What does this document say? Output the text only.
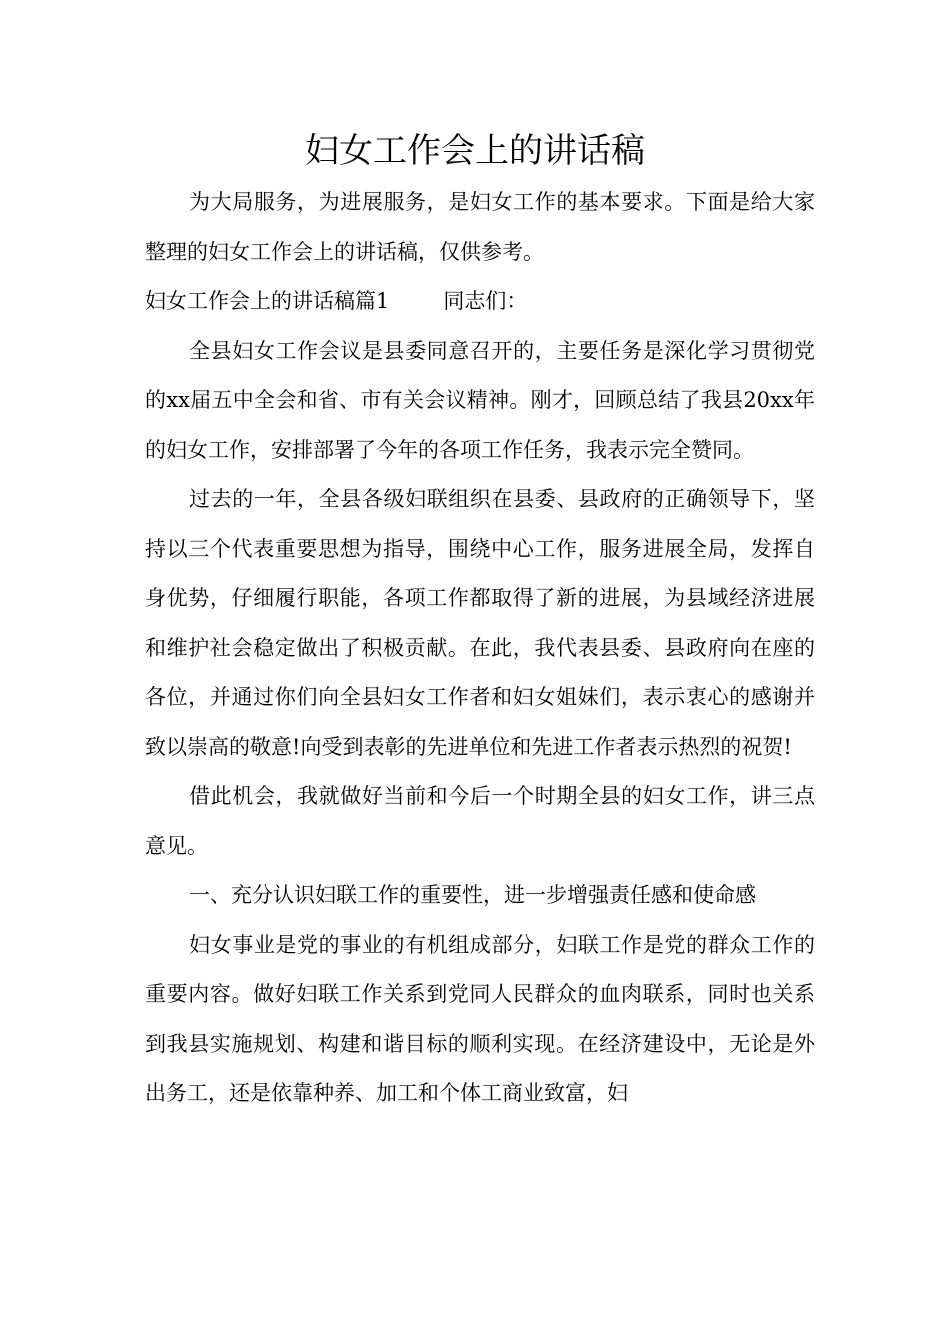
妇女工作会上的讲话稿

为大局服务，为进展服务，是妇女工作的基本要求。下面是给大家整理的妇女工作会上的讲话稿，仅供参考。

妇女工作会上的讲话稿篇1	同志们：

全县妇女工作会议是县委同意召开的，主要任务是深化学习贯彻党的xx届五中全会和省、市有关会议精神。刚才，回顾总结了我县20xx年的妇女工作，安排部署了今年的各项工作任务，我表示完全赞同。

过去的一年，全县各级妇联组织在县委、县政府的正确领导下，坚持以三个代表重要思想为指导，围绕中心工作，服务进展全局，发挥自身优势，仔细履行职能，各项工作都取得了新的进展，为县域经济进展和维护社会稳定做出了积极贡献。在此，我代表县委、县政府向在座的各位，并通过你们向全县妇女工作者和妇女姐妹们，表示衷心的感谢并致以崇高的敬意!向受到表彰的先进单位和先进工作者表示热烈的祝贺!

借此机会，我就做好当前和今后一个时期全县的妇女工作，讲三点意见。

一、充分认识妇联工作的重要性，进一步增强责任感和使命感

妇女事业是党的事业的有机组成部分，妇联工作是党的群众工作的重要内容。做好妇联工作关系到党同人民群众的血肉联系，同时也关系到我县实施规划、构建和谐目标的顺利实现。在经济建设中，无论是外出务工，还是依靠种养、加工和个体工商业致富，妇
